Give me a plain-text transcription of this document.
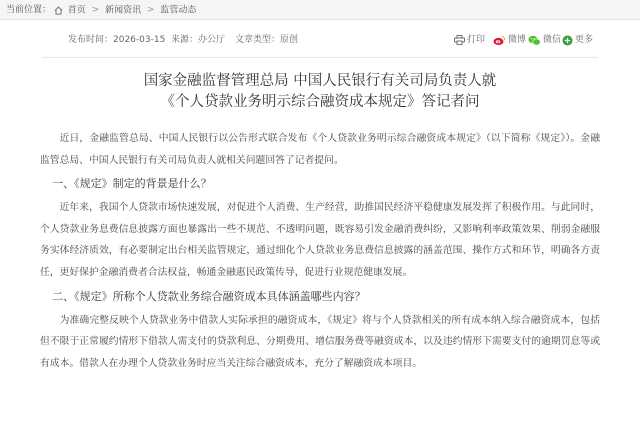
当前位置： 首页 > 新闻资讯 > 监管动态
发布时间：2026-03-15 来源：办公厅 文章类型：原创	打印	微博 微信 更多
国家金融监督管理总局 中国人民银行有关司局负责人就
《个人贷款业务明示综合融资成本规定》答记者问

近日，金融监管总局、中国人民银行以公告形式联合发布《个人贷款业务明示综合融资成本规定》（以下简称《规定》）。金融监管总局、中国人民银行有关司局负责人就相关问题回答了记者提问。

一、《规定》制定的背景是什么？

近年来，我国个人贷款市场快速发展，对促进个人消费、生产经营，助推国民经济平稳健康发展发挥了积极作用。与此同时，个人贷款业务息费信息披露方面也暴露出一些不规范、不透明问题，既容易引发金融消费纠纷，又影响利率政策效果、削弱金融服务实体经济质效，有必要制定出台相关监管规定，通过细化个人贷款业务息费信息披露的涵盖范围、操作方式和环节，明确各方责任，更好保护金融消费者合法权益，畅通金融惠民政策传导，促进行业规范健康发展。

二、《规定》所称个人贷款业务综合融资成本具体涵盖哪些内容？

为准确完整反映个人贷款业务中借款人实际承担的融资成本，《规定》将与个人贷款相关的所有成本纳入综合融资成本，包括但不限于正常履约情形下借款人需支付的贷款利息、分期费用、增信服务费等融资成本，以及违约情形下需要支付的逾期罚息等或有成本。借款人在办理个人贷款业务时应当关注综合融资成本，充分了解融资成本项目。
